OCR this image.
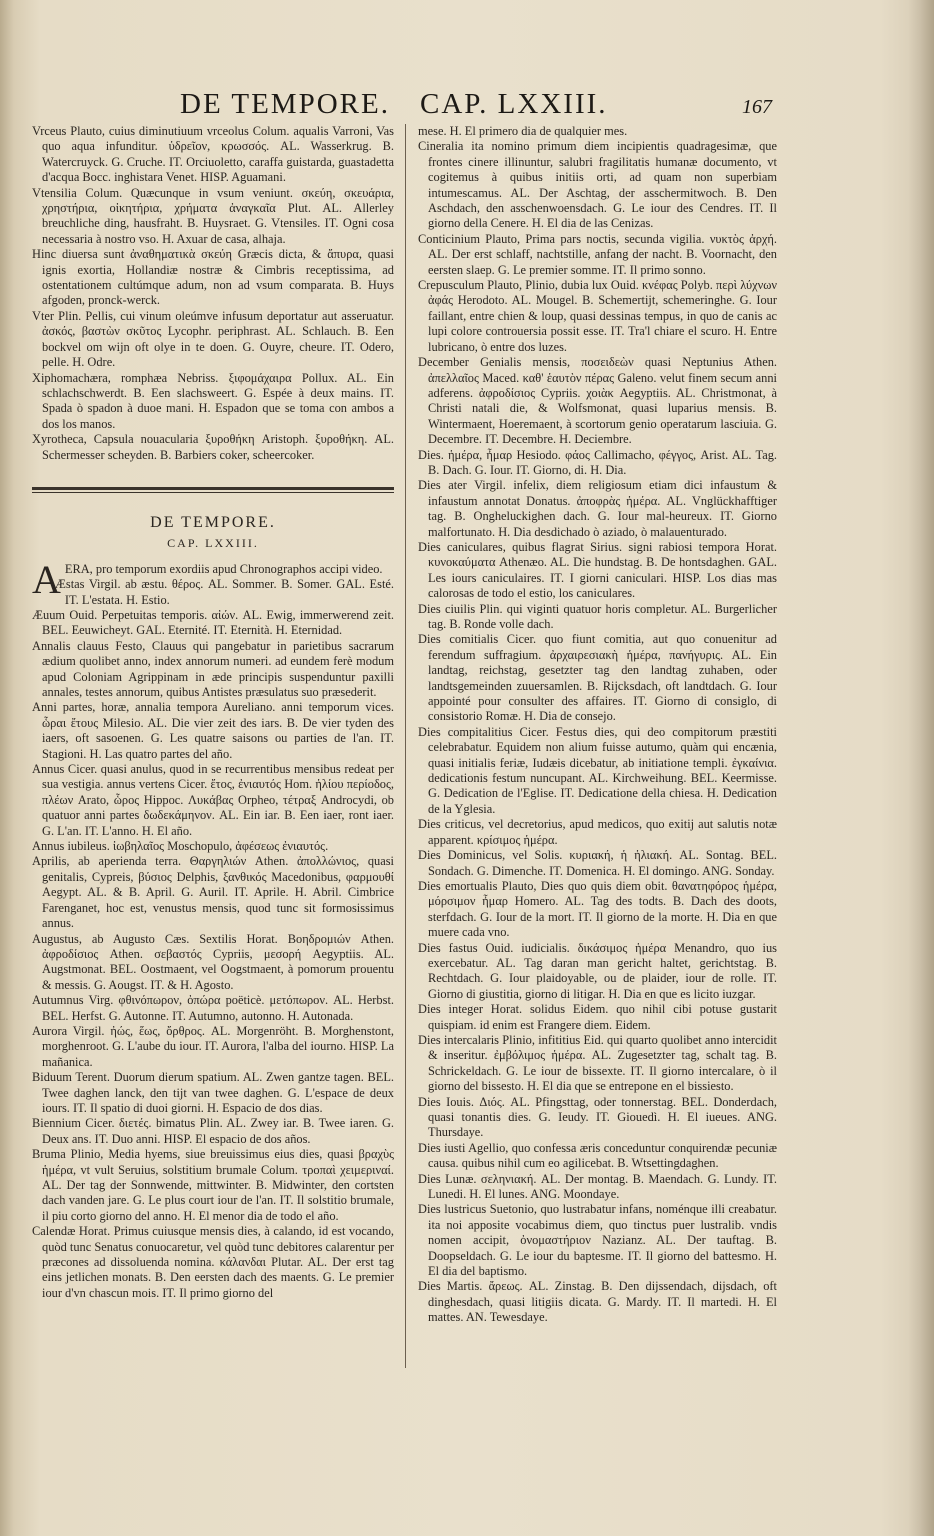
DE TEMPORE. CAP. LXXIII.	167
Vrceus Plauto, cuius diminutiuum vrceolus Colum. aqualis Varroni, Vas quo aqua infunditur. ὑδρεῖον, κρωσσός. AL. Wasserkrug. B. Watercruyck. G. Cruche. IT. Orciuoletto, caraffa guistarda, guastadetta d'acqua Bocc. inghistara Venet. HISP. Aguamani.
Vtensilia Colum. Quæcunque in vsum veniunt. σκεύη, σκευάρια, χρηστήρια, οἰκητήρια, χρήματα ἀναγκαῖα Plut. AL. Allerley breuchliche ding, hausfraht. B. Huysraet. G. Vtensiles. IT. Ogni cosa necessaria à nostro vso. H. Axuar de casa, alhaja.
Hinc diuersa sunt ἀναθηματικὰ σκεύη Græcis dicta, & ἄπυρα, quasi ignis exortia, Hollandiæ nostræ & Cimbris receptissima, ad ostentationem cultúmque adum, non ad vsum comparata. B. Huys afgoden, pronck-werck.
Vter Plin. Pellis, cui vinum oleúmve infusum deportatur aut asseruatur. ἀσκός, βαστὼν σκῦτος Lycophr. periphrast. AL. Schlauch. B. Een bockvel om wijn oft olye in te doen. G. Ouyre, cheure. IT. Odero, pelle. H. Odre.
Xiphomachæra, romphæa Nebriss. ξιφομάχαιρα Pollux. AL. Ein schlachschwerdt. B. Een slachsweert. G. Espée à deux mains. IT. Spada ò spadon à duoe mani. H. Espadon que se toma con ambos a dos los manos.
Xyrotheca, Capsula nouacularia ξυροθήκη Aristoph. ξυροθήκη. AL. Schermesser scheyden. B. Barbiers coker, scheercoker.
DE TEMPORE.
CAP. LXXIII.
AERA, pro temporum exordiis apud Chronographos accipi video.
Æstas Virgil. ab æstu. θέρος. AL. Sommer. B. Somer. GAL. Esté. IT. L'estata. H. Estio.
Æuum Ouid. Perpetuitas temporis. αἰών. AL. Ewig, immerwerend zeit. BEL. Eeuwicheyt. GAL. Eternité. IT. Eternità. H. Eternidad.
Annalis clauus Festo, Clauus qui pangebatur in parietibus sacrarum ædium quolibet anno, index annorum numeri. ad eundem ferè modum apud Coloniam Agrippinam in æde principis suspenduntur paxilli annales, testes annorum, quibus Antistes præsulatus suo præsederit.
Anni partes, horæ, annalia tempora Aureliano. anni temporum vices. ὧραι ἔτους Milesio. AL. Die vier zeit des iars. B. De vier tyden des iaers, oft sasoenen. G. Les quatre saisons ou parties de l'an. IT. Stagioni. H. Las quatro partes del año.
Annus Cicer. quasi anulus, quod in se recurrentibus mensibus redeat per sua vestigia. annus vertens Cicer. ἔτος, ἐνιαυτός Hom. ἡλίου περίοδος, πλέων Arato, ὧρος Hippoc. Λυκάβας Orpheo, τέτραξ Androcydi, ob quatuor anni partes δωδεκάμηνον. AL. Ein iar. B. Een iaer, ront iaer. G. L'an. IT. L'anno. H. El año.
Annus iubileus. ἰωβηλαῖος Moschopulo, ἀφέσεως ἐνιαυτός.
Aprilis, ab aperienda terra. Θαργηλιών Athen. ἀπολλώνιος, quasi genitalis, Cypreis, βύσιος Delphis, ξανθικός Macedonibus, φαρμουθί Aegypt. AL. & B. April. G. Auril. IT. Aprile. H. Abril. Cimbrice Farenganet, hoc est, venustus mensis, quod tunc sit formosissimus annus.
Augustus, ab Augusto Cæs. Sextilis Horat. Βοηδρομιών Athen. ἀφροδίσιος Athen. σεβαστός Cypriis, μεσορή Aegyptiis. AL. Augstmonat. BEL. Oostmaent, vel Oogstmaent, à pomorum prouentu & messis. G. Aougst. IT. & H. Agosto.
Autumnus Virg. φθινόπωρον, ὀπώρα poëticè. μετόπωρον. AL. Herbst. BEL. Herfst. G. Autonne. IT. Autumno, autonno. H. Autonada.
Aurora Virgil. ἠώς, ἕως, ὄρθρος. AL. Morgenröht. B. Morghenstont, morghenroot. G. L'aube du iour. IT. Aurora, l'alba del iourno. HISP. La mañanica.
Biduum Terent. Duorum dierum spatium. AL. Zwen gantze tagen. BEL. Twee daghen lanck, den tijt van twee daghen. G. L'espace de deux iours. IT. Il spatio di duoi giorni. H. Espacio de dos dias.
Biennium Cicer. διετές. bimatus Plin. AL. Zwey iar. B. Twee iaren. G. Deux ans. IT. Duo anni. HISP. El espacio de dos años.
Bruma Plinio, Media hyems, siue breuissimus eius dies, quasi βραχὺς ἡμέρα, vt vult Seruius, solstitium brumale Colum. τροπαὶ χειμεριναί. AL. Der tag der Sonnwende, mittwinter. B. Midwinter, den cortsten dach vanden jare. G. Le plus court iour de l'an. IT. Il solstitio brumale, il piu corto giorno del anno. H. El menor dia de todo el año.
Calendæ Horat. Primus cuiusque mensis dies, à calando, id est vocando, quòd tunc Senatus conuocaretur, vel quòd tunc debitores calarentur per præcones ad dissoluenda nomina. κάλανδαι Plutar. AL. Der erst tag eins jetlichen monats. B. Den eersten dach des maents. G. Le premier iour d'vn chascun mois. IT. Il primo giorno del
mese. H. El primero dia de qualquier mes.
Cineralia ita nomino primum diem incipientis quadragesimæ, que frontes cinere illinuntur, salubri fragilitatis humanæ documento, vt cogitemus à quibus initiis orti, ad quam non superbiam intumescamus. AL. Der Aschtag, der asschermitwoch. B. Den Aschdach, den asschenwoensdach. G. Le iour des Cendres. IT. Il giorno della Cenere. H. El dia de las Cenizas.
Conticinium Plauto, Prima pars noctis, secunda vigilia. νυκτὸς ἀρχή. AL. Der erst schlaff, nachtstille, anfang der nacht. B. Voornacht, den eersten slaep. G. Le premier somme. IT. Il primo sonno.
Crepusculum Plauto, Plinio, dubia lux Ouid. κνέφας Polyb. περὶ λύχνων ἀφάς Herodoto. AL. Mougel. B. Schemertijt, schemeringhe. G. Iour faillant, entre chien & loup, quasi dessinas tempus, in quo de canis ac lupi colore controuersia possit esse. IT. Tra'l chiare el scuro. H. Entre lubricano, ò entre dos luzes.
December Genialis mensis, ποσειδεὼν quasi Neptunius Athen. ἀπελλαῖος Maced. καθ' ἑαυτὸν πέρας Galeno. velut finem secum anni adferens. ἀφροδίσιος Cypriis. χοιὰκ Aegyptiis. AL. Christmonat, à Christi natali die, & Wolfsmonat, quasi luparius mensis. B. Wintermaent, Hoeremaent, à scortorum genio operatarum lasciuia. G. Decembre. IT. Decembre. H. Deciembre.
Dies. ἡμέρα, ἦμαρ Hesiodo. φάος Callimacho, φέγγος, Arist. AL. Tag. B. Dach. G. Iour. IT. Giorno, di. H. Dia.
Dies ater Virgil. infelix, diem religiosum etiam dici infaustum & infaustum annotat Donatus. ἀποφρὰς ἡμέρα. AL. Vnglückhafftiger tag. B. Ongheluckighen dach. G. Iour mal-heureux. IT. Giorno malfortunato. H. Dia desdichado ò aziado, ò malauenturado.
Dies caniculares, quibus flagrat Sirius. signi rabiosi tempora Horat. κυνοκαύματα Athenæo. AL. Die hundstag. B. De hontsdaghen. GAL. Les iours caniculaires. IT. I giorni caniculari. HISP. Los dias mas calorosas de todo el estio, los caniculares.
Dies ciuilis Plin. qui viginti quatuor horis completur. AL. Burgerlicher tag. B. Ronde volle dach.
Dies comitialis Cicer. quo fiunt comitia, aut quo conuenitur ad ferendum suffragium. ἀρχαιρεσιακὴ ἡμέρα, πανήγυρις. AL. Ein landtag, reichstag, gesetzter tag den landtag zuhaben, oder landtsgemeinden zuuersamlen. B. Rijcksdach, oft landtdach. G. Iour appointé pour consulter des affaires. IT. Giorno di consiglo, di consistorio Romæ. H. Dia de consejo.
Dies compitalitius Cicer. Festus dies, qui deo compitorum præstiti celebrabatur. Equidem non alium fuisse autumo, quàm qui encænia, quasi initialis feriæ, Iudæis dicebatur, ab initiatione templi. ἐγκαίνια. dedicationis festum nuncupant. AL. Kirchweihung. BEL. Keermisse. G. Dedication de l'Eglise. IT. Dedicatione della chiesa. H. Dedication de la Yglesia.
Dies criticus, vel decretorius, apud medicos, quo exitij aut salutis notæ apparent. κρίσιμος ἡμέρα.
Dies Dominicus, vel Solis. κυριακή, ἡ ἡλιακή. AL. Sontag. BEL. Sondach. G. Dimenche. IT. Domenica. H. El domingo. ANG. Sonday.
Dies emortualis Plauto, Dies quo quis diem obit. θανατηφόρος ἡμέρα, μόρσιμον ἦμαρ Homero. AL. Tag des todts. B. Dach des doots, sterfdach. G. Iour de la mort. IT. Il giorno de la morte. H. Dia en que muere cada vno.
Dies fastus Ouid. iudicialis. δικάσιμος ἡμέρα Menandro, quo ius exercebatur. AL. Tag daran man gericht haltet, gerichtstag. B. Rechtdach. G. Iour plaidoyable, ou de plaider, iour de rolle. IT. Giorno di giustitia, giorno di litigar. H. Dia en que es licito iuzgar.
Dies integer Horat. solidus Eidem. quo nihil cibi potuse gustarit quispiam. id enim est Frangere diem. Eidem.
Dies intercalaris Plinio, infititius Eid. qui quarto quolibet anno intercidit & inseritur. ἐμβόλιμος ἡμέρα. AL. Zugesetzter tag, schalt tag. B. Schrickeldach. G. Le iour de bissexte. IT. Il giorno intercalare, ò il giorno del bissesto. H. El dia que se entrepone en el bissiesto.
Dies Iouis. Διός. AL. Pfingsttag, oder tonnerstag. BEL. Donderdach, quasi tonantis dies. G. Ieudy. IT. Giouedì. H. El iueues. ANG. Thursdaye.
Dies iusti Agellio, quo confessa æris conceduntur conquirendæ pecuniæ causa. quibus nihil cum eo agilicebat. B. Wtsettingdaghen.
Dies Lunæ. σεληνιακή. AL. Der montag. B. Maendach. G. Lundy. IT. Lunedi. H. El lunes. ANG. Moondaye.
Dies lustricus Suetonio, quo lustrabatur infans, noménque illi creabatur. ita noi apposite vocabimus diem, quo tinctus puer lustralib. vndis nomen accipit, ὀνομαστήριον Nazianz. AL. Der tauftag. B. Doopseldach. G. Le iour du baptesme. IT. Il giorno del battesmo. H. El dia del baptismo.
Dies Martis. ἄρεως. AL. Zinstag. B. Den dijssendach, dijsdach, oft dinghesdach, quasi litigiis dicata. G. Mardy. IT. Il martedi. H. El mattes. AN. Tewesdaye.
